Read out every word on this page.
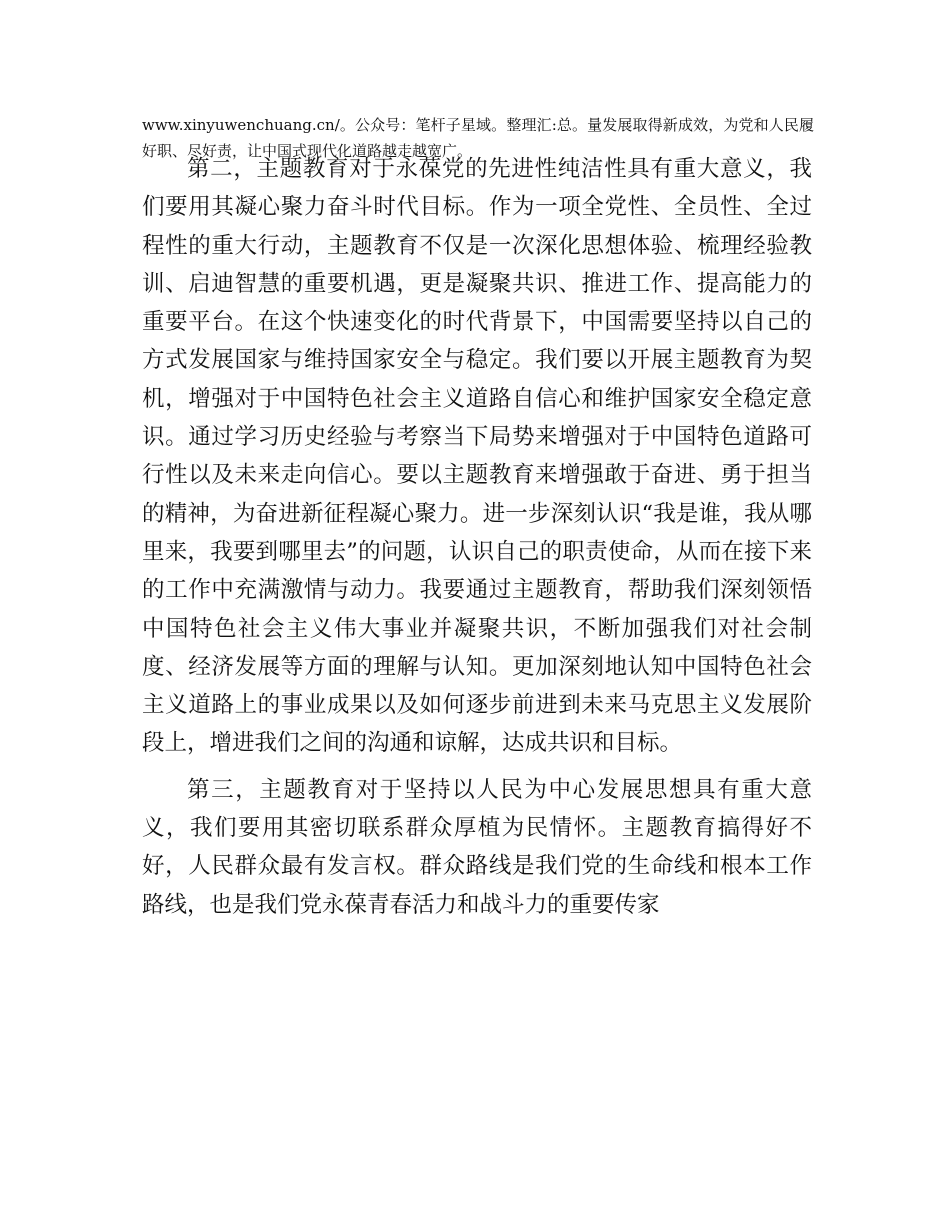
www.xinyuwenchuang.cn/。公众号：笔杆子星域。整理汇:总。量发展取得新成效，为党和人民履好职、尽好责，让中国式现代化道路越走越宽广。

第二，主题教育对于永葆党的先进性纯洁性具有重大意义，我们要用其凝心聚力奋斗时代目标。作为一项全党性、全员性、全过程性的重大行动，主题教育不仅是一次深化思想体验、梳理经验教训、启迪智慧的重要机遇，更是凝聚共识、推进工作、提高能力的重要平台。在这个快速变化的时代背景下，中国需要坚持以自己的方式发展国家与维持国家安全与稳定。我们要以开展主题教育为契机，增强对于中国特色社会主义道路自信心和维护国家安全稳定意识。通过学习历史经验与考察当下局势来增强对于中国特色道路可行性以及未来走向信心。要以主题教育来增强敢于奋进、勇于担当的精神，为奋进新征程凝心聚力。进一步深刻认识“我是谁，我从哪里来，我要到哪里去”的问题，认识自己的职责使命，从而在接下来的工作中充满激情与动力。我要通过主题教育，帮助我们深刻领悟中国特色社会主义伟大事业并凝聚共识，不断加强我们对社会制度、经济发展等方面的理解与认知。更加深刻地认知中国特色社会主义道路上的事业成果以及如何逐步前进到未来马克思主义发展阶段上，增进我们之间的沟通和谅解，达成共识和目标。

第三，主题教育对于坚持以人民为中心发展思想具有重大意义，我们要用其密切联系群众厚植为民情怀。主题教育搞得好不好，人民群众最有发言权。群众路线是我们党的生命线和根本工作路线，也是我们党永葆青春活力和战斗力的重要传家
